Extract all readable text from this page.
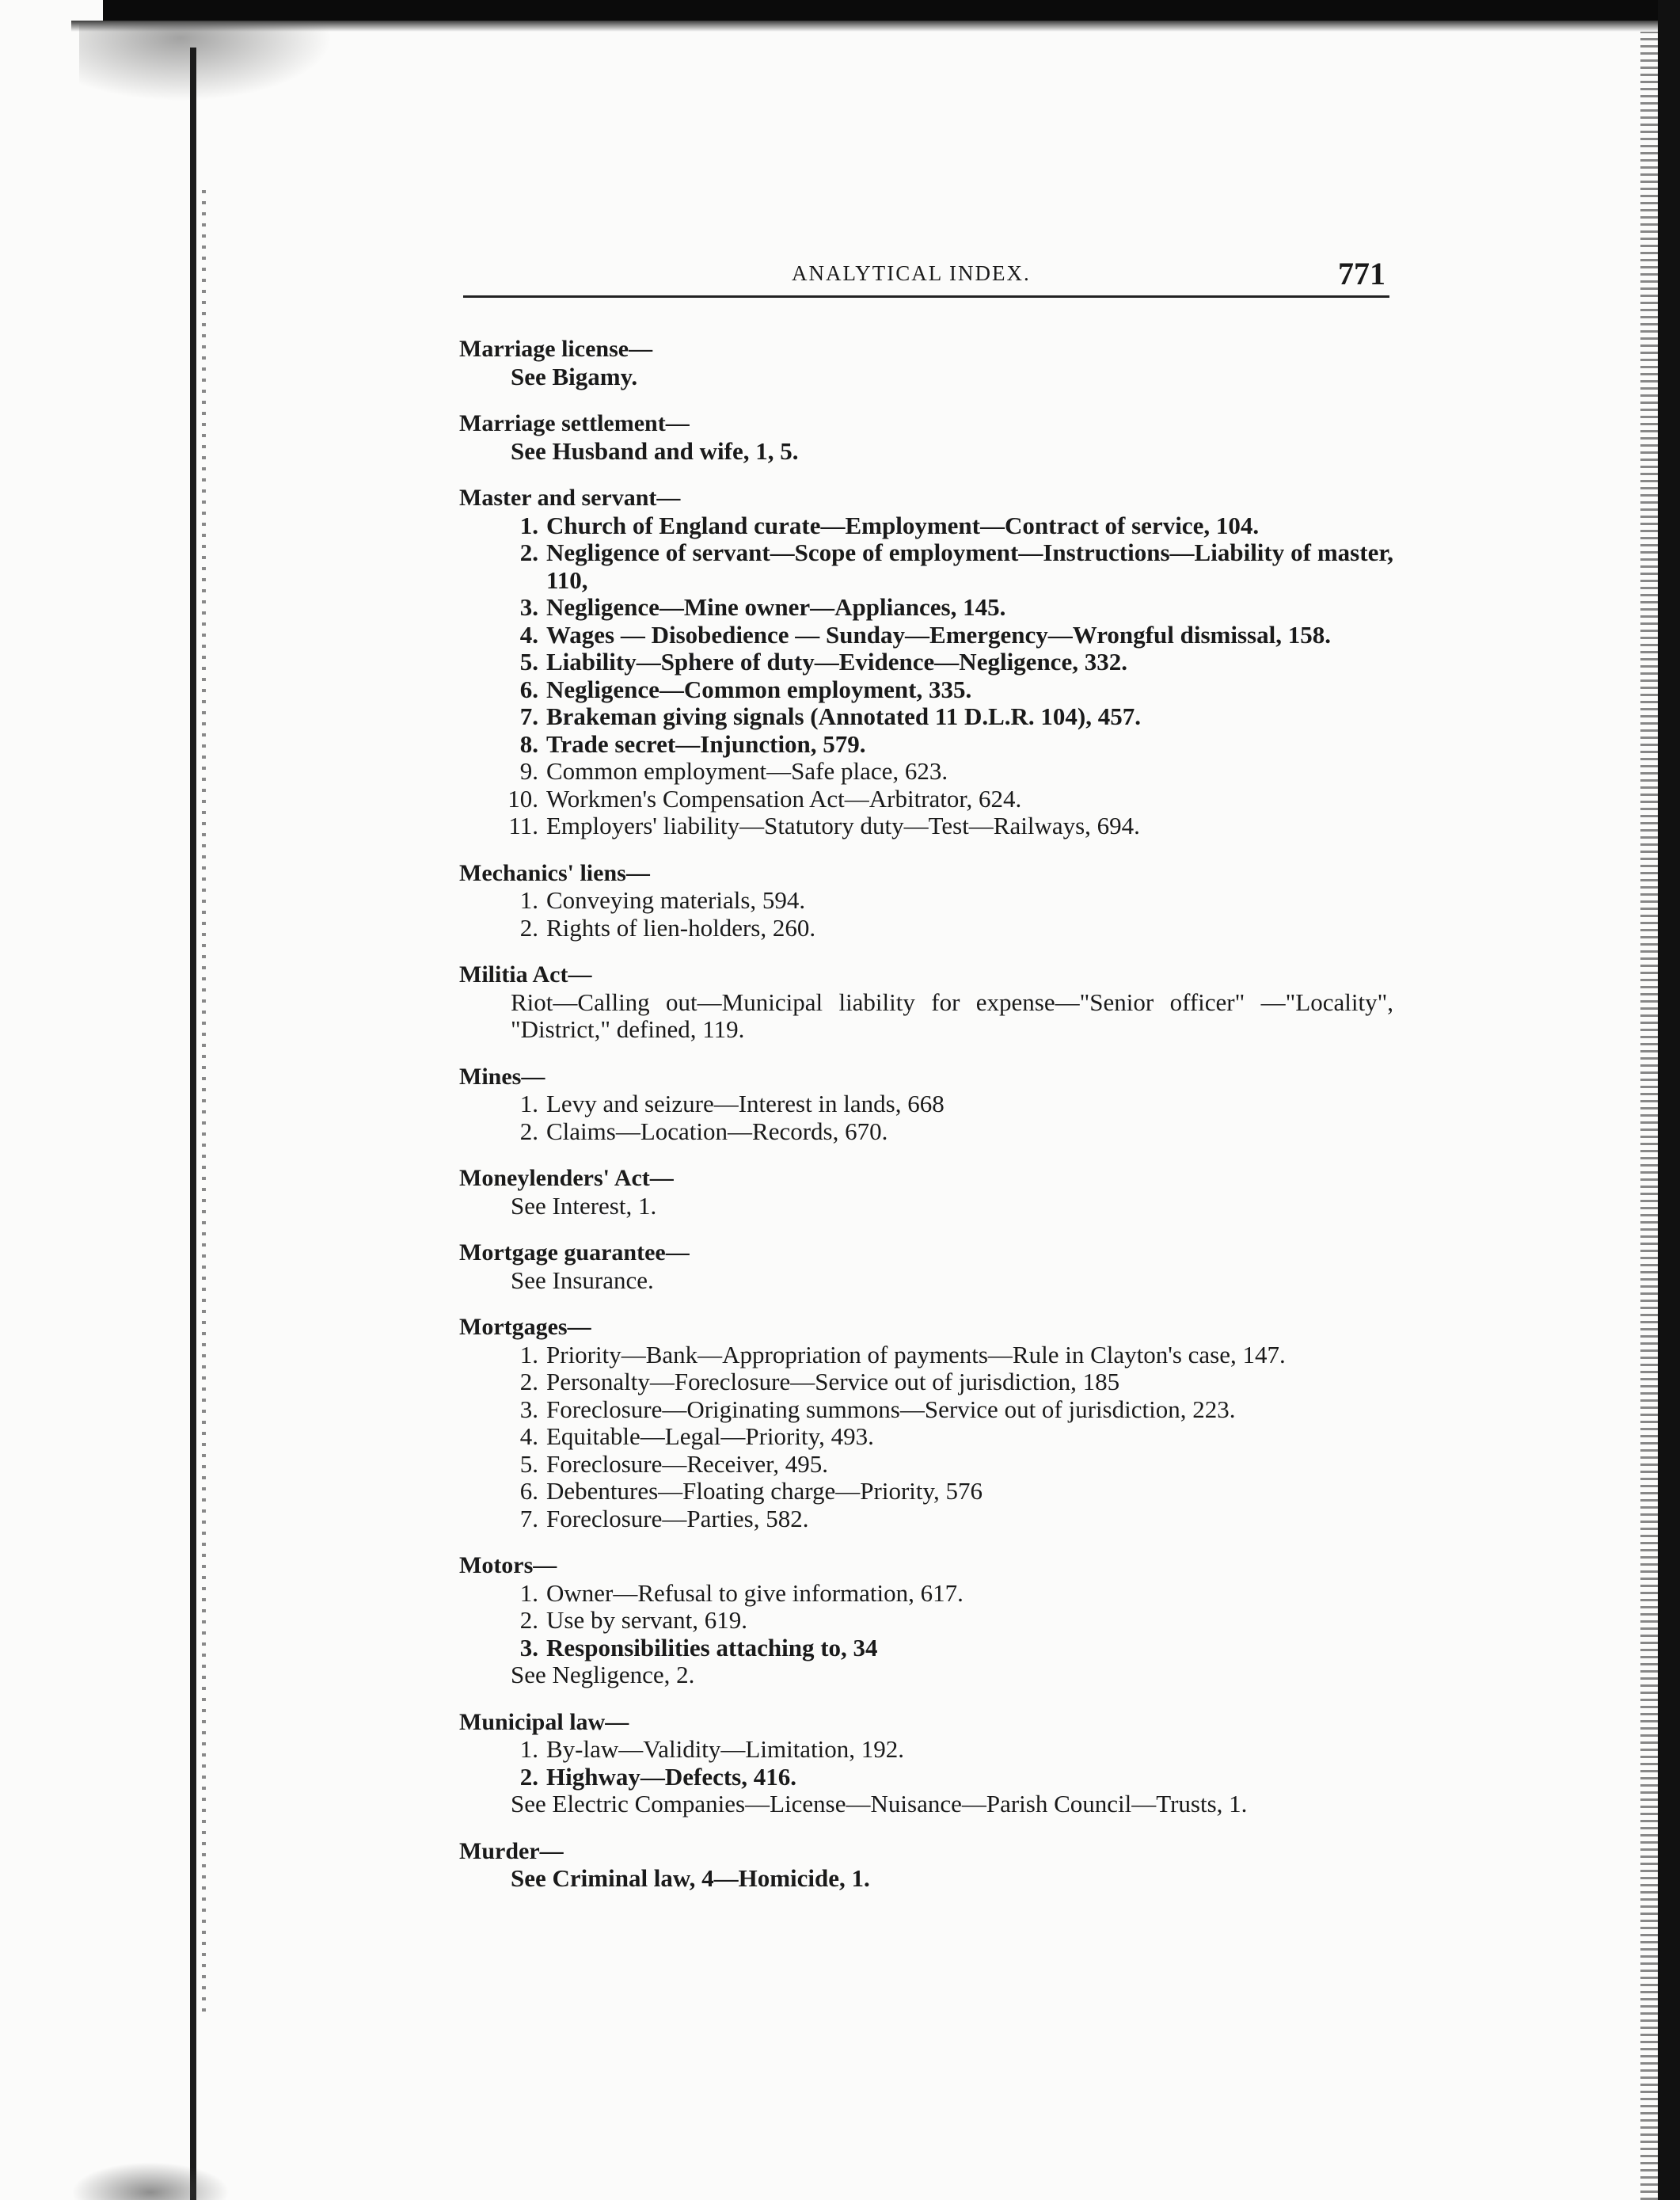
ANALYTICAL INDEX.	771
Marriage license—
See Bigamy.
Marriage settlement—
See Husband and wife, 1, 5.
Master and servant—
1. Church of England curate—Employment—Contract of service, 104.
2. Negligence of servant—Scope of employment—Instructions—Liability of master, 110,
3. Negligence—Mine owner—Appliances, 145.
4. Wages — Disobedience — Sunday—Emergency—Wrongful dismissal, 158.
5. Liability—Sphere of duty—Evidence—Negligence, 332.
6. Negligence—Common employment, 335.
7. Brakeman giving signals (Annotated 11 D.L.R. 104), 457.
8. Trade secret—Injunction, 579.
9. Common employment—Safe place, 623.
10. Workmen's Compensation Act—Arbitrator, 624.
11. Employers' liability—Statutory duty—Test—Railways, 694.
Mechanics' liens—
1. Conveying materials, 594.
2. Rights of lien-holders, 260.
Militia Act—
Riot—Calling out—Municipal liability for expense—"Senior officer" —"Locality", "District," defined, 119.
Mines—
1. Levy and seizure—Interest in lands, 668
2. Claims—Location—Records, 670.
Moneylenders' Act—
See Interest, 1.
Mortgage guarantee—
See Insurance.
Mortgages—
1. Priority—Bank—Appropriation of payments—Rule in Clayton's case, 147.
2. Personalty—Foreclosure—Service out of jurisdiction, 185
3. Foreclosure—Originating summons—Service out of jurisdiction, 223.
4. Equitable—Legal—Priority, 493.
5. Foreclosure—Receiver, 495.
6. Debentures—Floating charge—Priority, 576
7. Foreclosure—Parties, 582.
Motors—
1. Owner—Refusal to give information, 617.
2. Use by servant, 619.
3. Responsibilities attaching to, 34
See Negligence, 2.
Municipal law—
1. By-law—Validity—Limitation, 192.
2. Highway—Defects, 416.
See Electric Companies—License—Nuisance—Parish Council—Trusts, 1.
Murder—
See Criminal law, 4—Homicide, 1.
